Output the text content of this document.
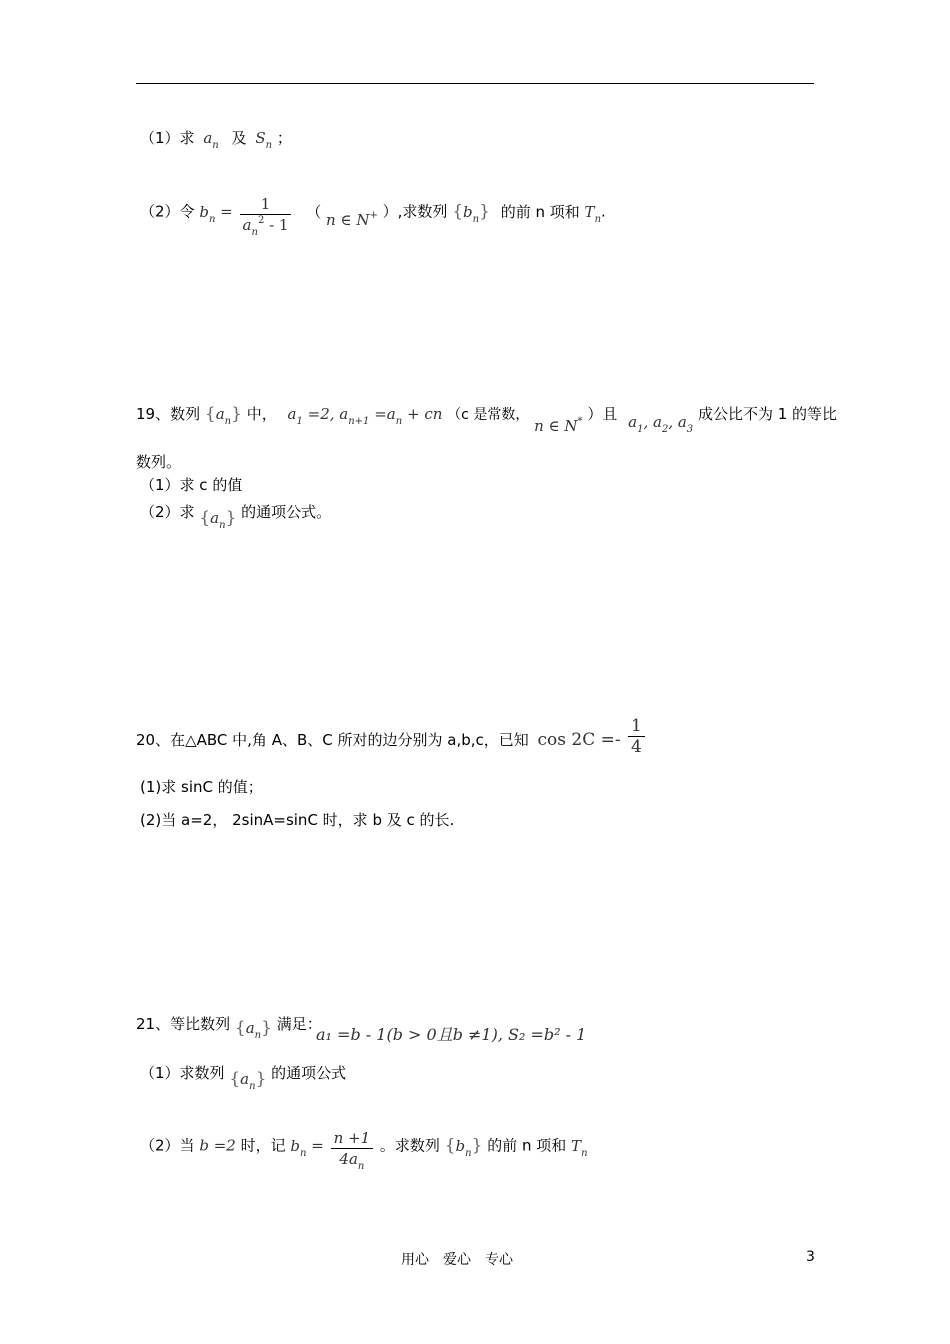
（1）求 $a_n$ 及 $S_n$ ；
（2）令 $b_n = \frac{1}{a_n^2 - 1}$ （ n ∈ N+ ）,求数列 $\{b_n\}$ 的前 n 项和 $T_n$.
19、数列 $\{a_n\}$ 中， $a_1 =2$, $a_{n+1} =a_n$ + cn （c 是常数， n ∈ N* ）且 $a_1$, $a_2$, $a_3$ 成公比不为 1 的等比
数列。
（1）求 c 的值
（2）求 $\{a_n\}$ 的通项公式。
20、在△ABC 中,角 A、B、C 所对的边分别为 a,b,c，已知 $\cos 2C =- \frac{1}{4}$
(1)求 sinC 的值；
(2)当 a=2， 2sinA=sinC 时，求 b 及 c 的长.
21、等比数列 $\{a_n\}$ 满足：
a₁ =b - 1(b > 0且b ≠1), S₂ =b² - 1
（1）求数列 $\{a_n\}$ 的通项公式
（2）当 b =2 时，记 $b_n = \frac{n +1}{4a_n}$ 。求数列 $\{b_n\}$ 的前 n 项和 $T_n$
用心　爱心　专心	3
